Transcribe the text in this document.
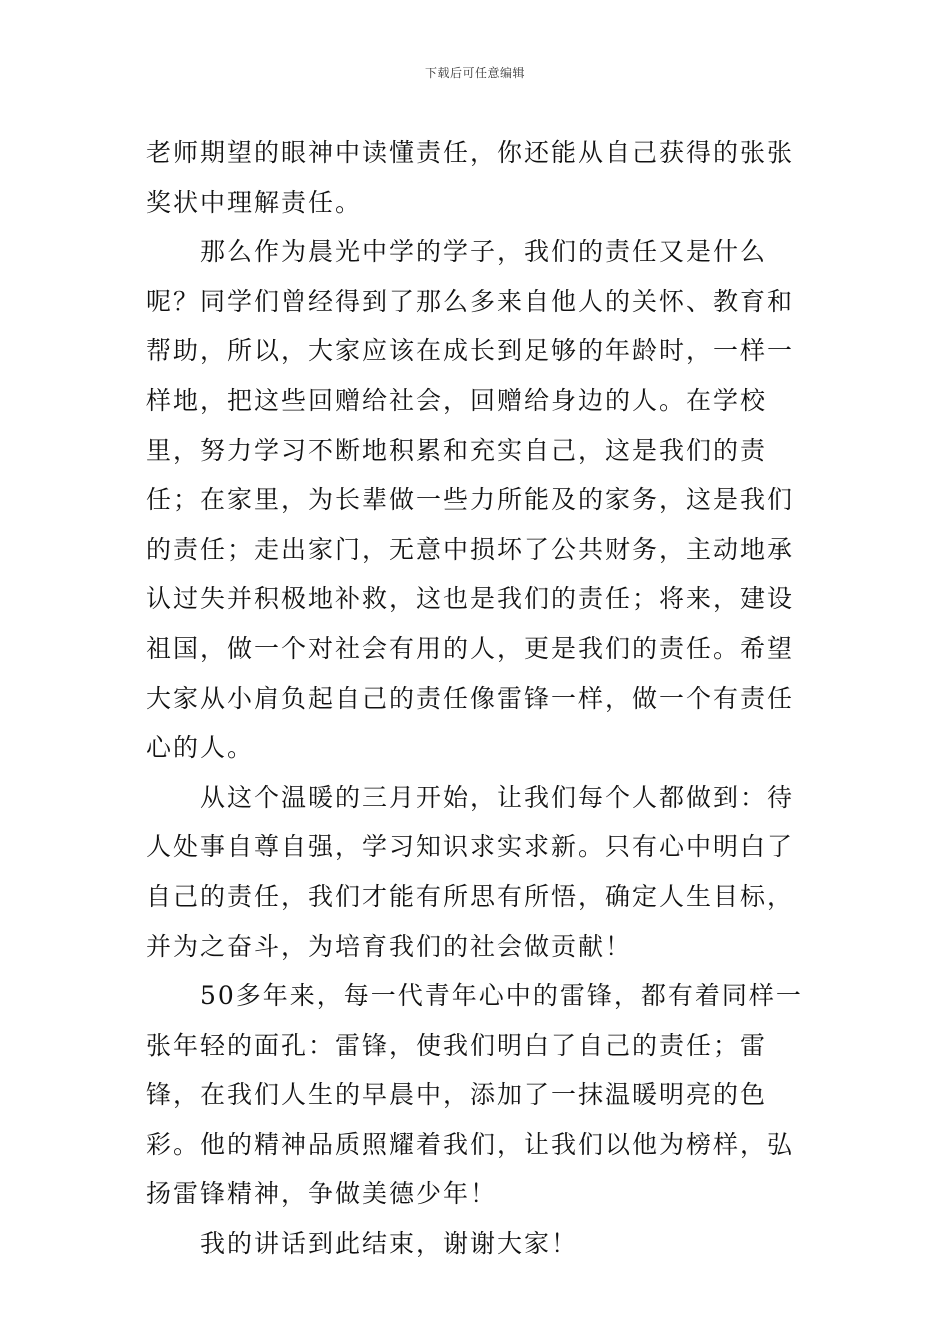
下载后可任意编辑

老师期望的眼神中读懂责任，你还能从自己获得的张张奖状中理解责任。

那么作为晨光中学的学子，我们的责任又是什么呢？同学们曾经得到了那么多来自他人的关怀、教育和帮助，所以，大家应该在成长到足够的年龄时，一样一样地，把这些回赠给社会，回赠给身边的人。在学校里，努力学习不断地积累和充实自己，这是我们的责任；在家里，为长辈做一些力所能及的家务，这是我们的责任；走出家门，无意中损坏了公共财务，主动地承认过失并积极地补救，这也是我们的责任；将来，建设祖国，做一个对社会有用的人，更是我们的责任。希望大家从小肩负起自己的责任像雷锋一样，做一个有责任心的人。

从这个温暖的三月开始，让我们每个人都做到：待人处事自尊自强，学习知识求实求新。只有心中明白了自己的责任，我们才能有所思有所悟，确定人生目标，并为之奋斗，为培育我们的社会做贡献！

50多年来，每一代青年心中的雷锋，都有着同样一张年轻的面孔：雷锋，使我们明白了自己的责任；雷锋，在我们人生的早晨中，添加了一抹温暖明亮的色彩。他的精神品质照耀着我们，让我们以他为榜样，弘扬雷锋精神，争做美德少年！

我的讲话到此结束，谢谢大家！
